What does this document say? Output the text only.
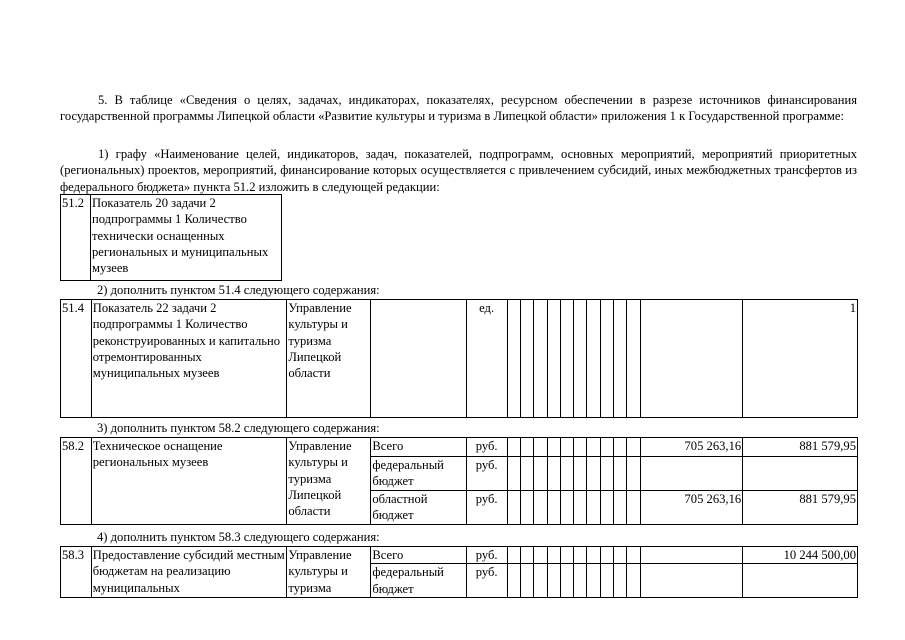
5. В таблице «Сведения о целях, задачах, индикаторах, показателях, ресурсном обеспечении в разрезе источников финансирования государственной программы Липецкой области «Развитие культуры и туризма в Липецкой области» приложения 1 к Государственной программе:

1) графу «Наименование целей, индикаторов, задач, показателей, подпрограмм, основных мероприятий, мероприятий приоритетных (региональных) проектов, мероприятий, финансирование которых осуществляется с привлечением субсидий, иных межбюджетных трансфертов из федерального бюджета» пункта 51.2 изложить в следующей редакции:

51.2	Показатель 20 задачи 2 подпрограммы 1 Количество технически оснащенных региональных и муниципальных музеев

2) дополнить пунктом 51.4 следующего содержания:

51.4	Показатель 22 задачи 2 подпрограммы 1 Количество реконструированных и капитально отремонтированных муниципальных музеев	Управление культуры и туризма Липецкой области		ед.												1

3) дополнить пунктом 58.2 следующего содержания:

58.2	Техническое оснащение региональных музеев	Управление культуры и туризма Липецкой области	Всего	руб.											705 263,16	881 579,95
			федеральный бюджет	руб.												
			областной бюджет	руб.											705 263,16	881 579,95

4) дополнить пунктом 58.3 следующего содержания:

58.3	Предоставление субсидий местным бюджетам на реализацию муниципальных	Управление культуры и туризма	Всего	руб.												10 244 500,00
			федеральный бюджет	руб.												
